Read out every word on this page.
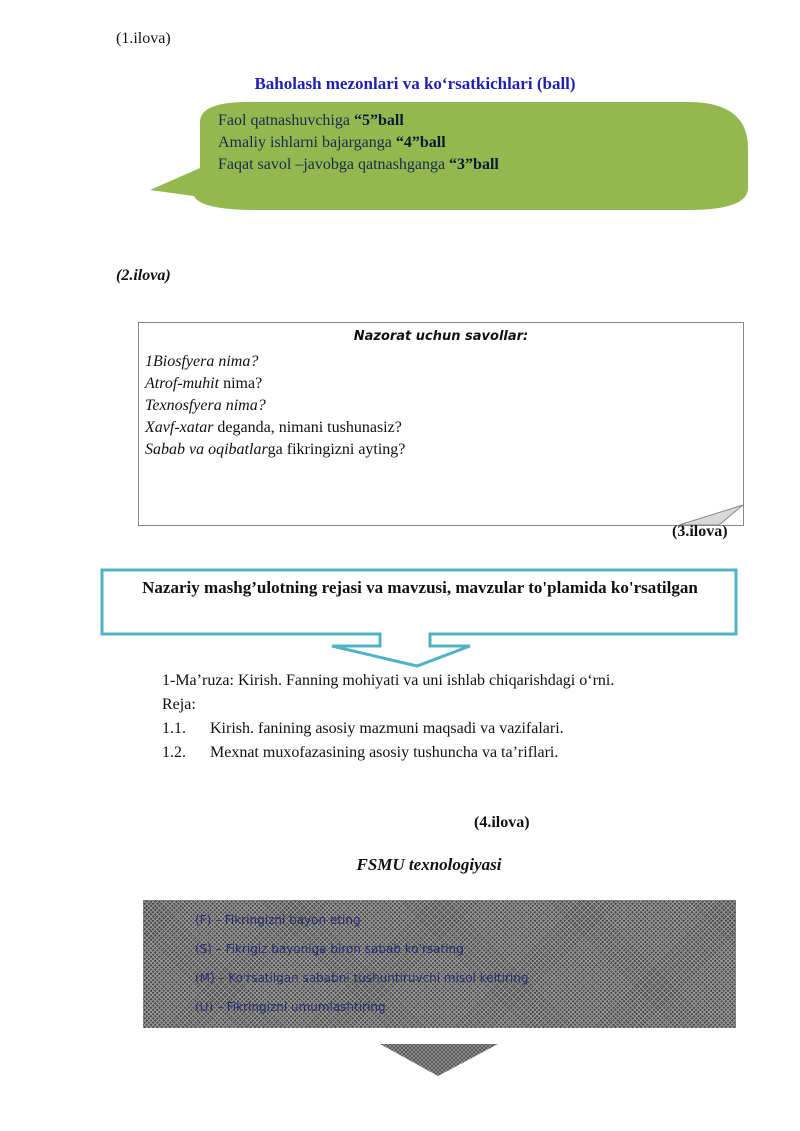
(1.ilova)
Baholash mezonlari va ko‘rsatkichlari (ball)
Faol qatnashuvchiga “5”ball
Amaliy ishlarni bajarganga “4”ball
Faqat savol –javobga qatnashganga “3”ball
(2.ilova)
Nazorat uchun savollar:
1Biosfyera nima?
Atrof-muhit nima?
Texnosfyera nima?
Xavf-xatar deganda, nimani tushunasiz?
Sabab va oqibatlarga fikringizni ayting?
(3.ilova)
Nazariy mashg’ulotning rejasi va mavzusi, mavzular to'plamida ko'rsatilgan
1-Ma’ruza: Kirish. Fanning mohiyati va uni ishlab chiqarishdagi o‘rni.
Reja:
1.1.	Kirish. fanining asosiy mazmuni maqsadi va vazifalari.
1.2.	Mexnat muxofazasining asosiy tushuncha va ta’riflari.
(4.ilova)
FSMU texnologiyasi
(F) – Fikringizni bayon eting
(S) – Fikrigiz bayoniga biron sabab ko'rsating
(M) – Ko'rsatilgan sababni tushuntiruvchi misol keltiring
(U) – Fikringizni umumlashtiring
